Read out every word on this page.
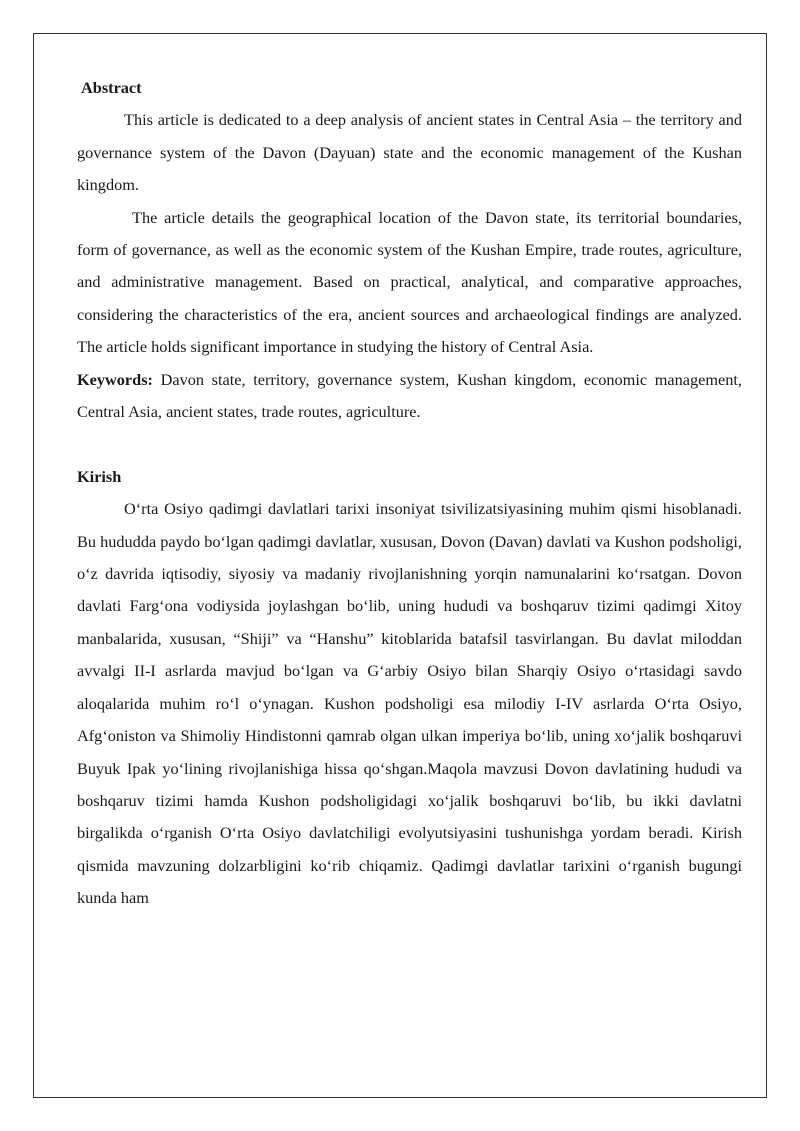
Abstract

This article is dedicated to a deep analysis of ancient states in Central Asia – the territory and governance system of the Davon (Dayuan) state and the economic management of the Kushan kingdom.

The article details the geographical location of the Davon state, its territorial boundaries, form of governance, as well as the economic system of the Kushan Empire, trade routes, agriculture, and administrative management. Based on practical, analytical, and comparative approaches, considering the characteristics of the era, ancient sources and archaeological findings are analyzed. The article holds significant importance in studying the history of Central Asia.

Keywords: Davon state, territory, governance system, Kushan kingdom, economic management, Central Asia, ancient states, trade routes, agriculture.

Kirish

O‘rta Osiyo qadimgi davlatlari tarixi insoniyat tsivilizatsiyasining muhim qismi hisoblanadi. Bu hududda paydo bo‘lgan qadimgi davlatlar, xususan, Dovon (Davan) davlati va Kushon podsholigi, o‘z davrida iqtisodiy, siyosiy va madaniy rivojlanishning yorqin namunalarini ko‘rsatgan. Dovon davlati Farg‘ona vodiysida joylashgan bo‘lib, uning hududi va boshqaruv tizimi qadimgi Xitoy manbalarida, xususan, “Shiji” va “Hanshu” kitoblarida batafsil tasvirlangan. Bu davlat miloddan avvalgi II-I asrlarda mavjud bo‘lgan va G‘arbiy Osiyo bilan Sharqiy Osiyo o‘rtasidagi savdo aloqalarida muhim ro‘l o‘ynagan. Kushon podsholigi esa milodiy I-IV asrlarda O‘rta Osiyo, Afg‘oniston va Shimoliy Hindistonni qamrab olgan ulkan imperiya bo‘lib, uning xo‘jalik boshqaruvi Buyuk Ipak yo‘lining rivojlanishiga hissa qo‘shgan.Maqola mavzusi Dovon davlatining hududi va boshqaruv tizimi hamda Kushon podsholigidagi xo‘jalik boshqaruvi bo‘lib, bu ikki davlatni birgalikda o‘rganish O‘rta Osiyo davlatchiligi evolyutsiyasini tushunishga yordam beradi. Kirish qismida mavzuning dolzarbligini ko‘rib chiqamiz. Qadimgi davlatlar tarixini o‘rganish bugungi kunda ham
